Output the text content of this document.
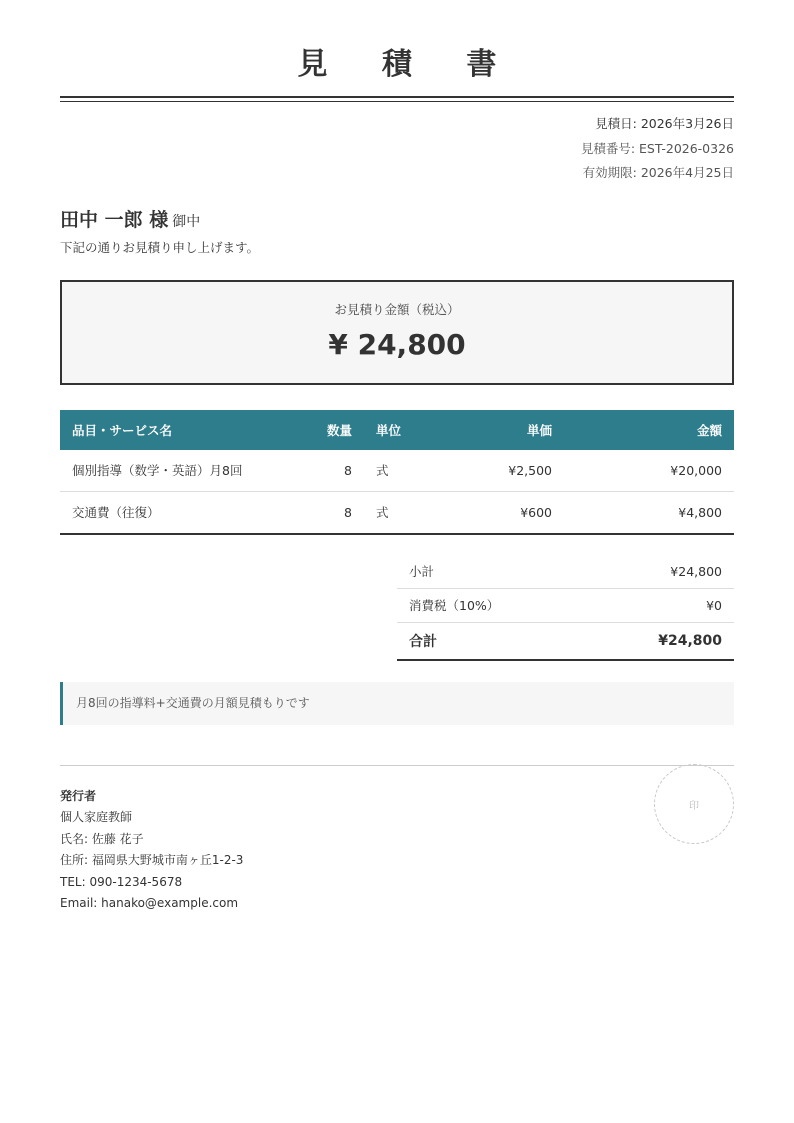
見 積 書
見積日: 2026年3月26日
見積番号: EST-2026-0326
有効期限: 2026年4月25日
田中 一郎 様 御中
下記の通りお見積り申し上げます。
お見積り金額（税込）
¥ 24,800
品目・サービス名	数量	単位	単価	金額
個別指導（数学・英語）月8回	8	式	¥2,500	¥20,000
交通費（往復）	8	式	¥600	¥4,800
小計	¥24,800
消費税（10%）	¥0
合計	¥24,800
月8回の指導料+交通費の月額見積もりです
発行者
個人家庭教師
氏名: 佐藤 花子
住所: 福岡県大野城市南ヶ丘1-2-3
TEL: 090-1234-5678
Email: hanako@example.com
印
